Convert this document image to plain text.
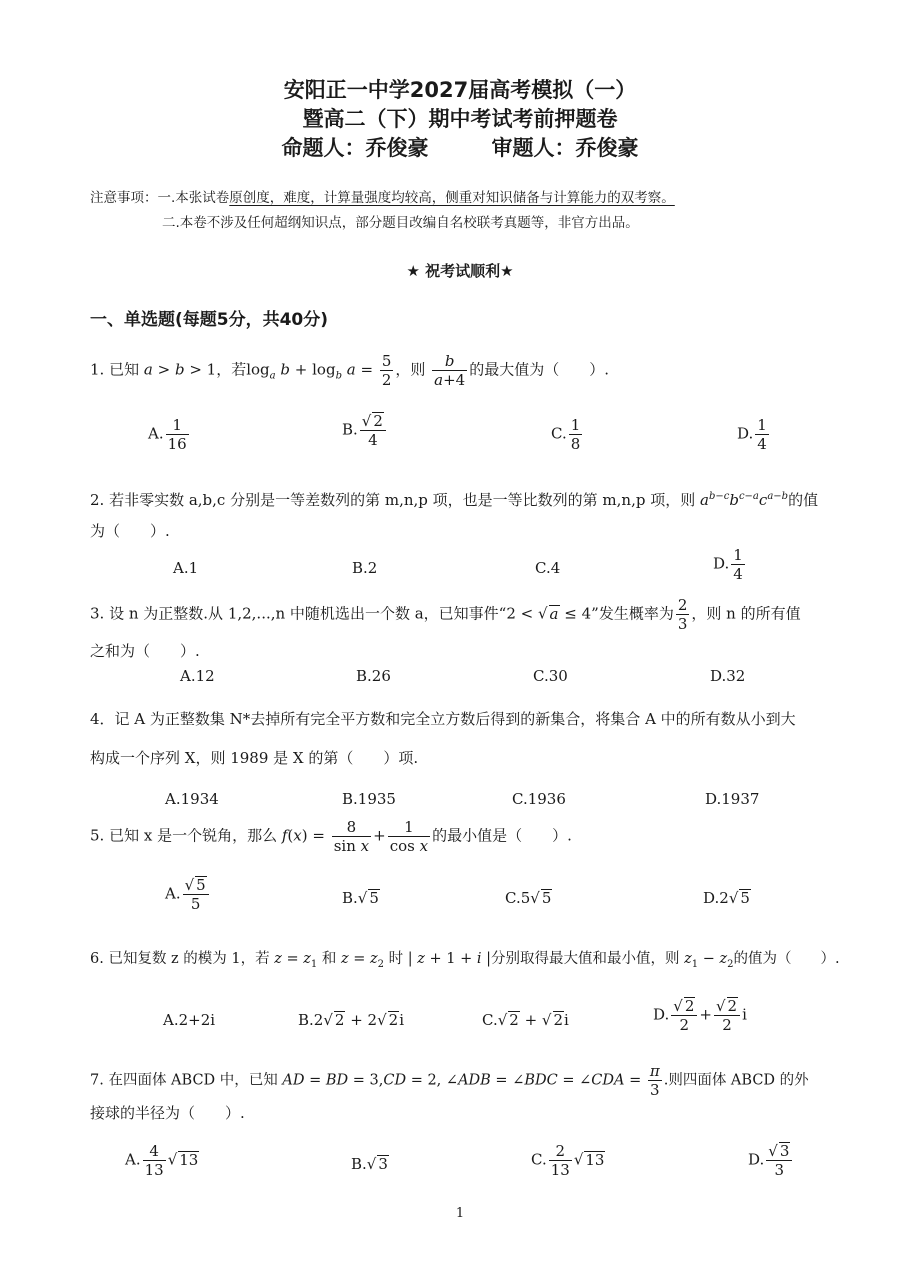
安阳正一中学2027届高考模拟（一）
暨高二（下）期中考试考前押题卷
命题人：乔俊豪　　　审题人：乔俊豪
注意事项：一.本张试卷原创度，难度，计算量强度均较高，侧重对知识储备与计算能力的双考察。
二.本卷不涉及任何超纲知识点，部分题目改编自名校联考真题等，非官方出品。
★ 祝考试顺利★
一、单选题(每题5分，共40分)
1. 已知 a > b > 1，若$\log_a b + \log_b a = \frac{5}{2}$ ，则 $\frac{b}{a+4}$ 的最大值为（　　）.
A. $\frac{1}{16}$	B. $\frac{√ 2}{4}$	C. $\frac{1}{8}$	D. $\frac{1}{4}$
2. 若非零实数 a,b,c 分别是一等差数列的第 m,n,p 项，也是一等比数列的第 m,n,p 项，则 $a^{b-c}b^{c-a}c^{a-b}$的值
为（　　）.
A.1	B.2	C.4	D. $\frac{1}{4}$
3. 设 n 为正整数.从 1,2,...,n 中随机选出一个数 a，已知事件“2 < √ a ≤ 4”发生概率为 $\frac{2}{3}$ ，则 n 的所有值
之和为（　　）.
A.12	B.26	C.30	D.32
4．记 A 为正整数集 N*去掉所有完全平方数和完全立方数后得到的新集合，将集合 A 中的所有数从小到大
构成一个序列 X，则 1989 是 X 的第（　　）项.
A.1934	B.1935	C.1936	D.1937
5. 已知 x 是一个锐角，那么 $f(x) = \frac{8}{\text{sin x}} + \frac{1}{\text{cos x}}$ 的最小值是（　　）.
A. $\frac{√ 5}{5}$	B.√ 5	C.5√ 5	D.2√ 5
6. 已知复数 z 的模为 1，若 $z = z_1$ 和 $z = z_2$ 时 | z + 1 + i |分别取得最大值和最小值，则 $z_1 - z_2$的值为（　　）.
A.2+2i	B.2√ 2 + 2√ 2i	C.√ 2 + √ 2i	D. $\frac{√ 2}{2} + \frac{√ 2}{2}$ i
7. 在四面体 ABCD 中，已知 AD = BD = 3,CD = 2, ∠ADB = ∠BDC = ∠CDA = $\frac{\pi}{3}$ .则四面体 ABCD 的外
接球的半径为（　　）.
A. $\frac{4}{13}$ √ 13	B.√ 3	C. $\frac{2}{13}$ √ 13	D. $\frac{√ 3}{3}$
1
